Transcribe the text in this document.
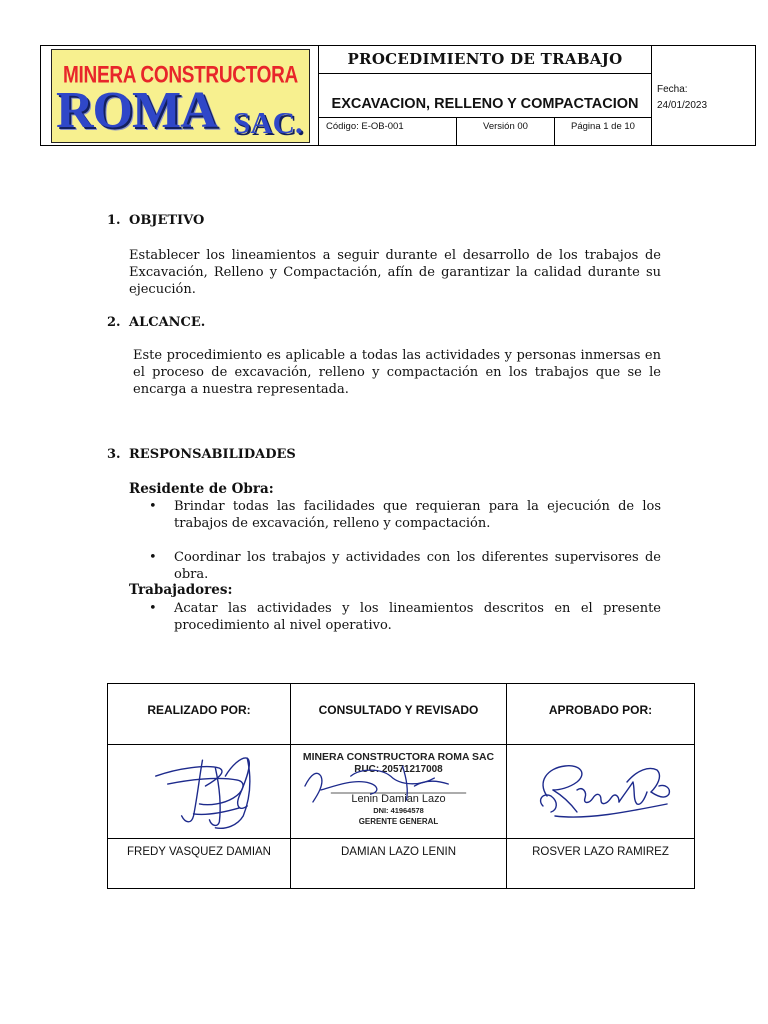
MINERA CONSTRUCTORA
ROMA SAC.
PROCEDIMIENTO DE TRABAJO
EXCAVACION, RELLENO Y COMPACTACION
Código: E-OB-001	Versión 00	Página 1 de 10
Fecha:
24/01/2023
1. OBJETIVO
Establecer los lineamientos a seguir durante el desarrollo de los trabajos de Excavación, Relleno y Compactación, afín de garantizar la calidad durante su ejecución.
2. ALCANCE.
Este procedimiento es aplicable a todas las actividades y personas inmersas en el proceso de excavación, relleno y compactación en los trabajos que se le encarga a nuestra representada.
3. RESPONSABILIDADES
Residente de Obra:
• Brindar todas las facilidades que requieran para la ejecución de los trabajos de excavación, relleno y compactación.
• Coordinar los trabajos y actividades con los diferentes supervisores de obra.
Trabajadores:
• Acatar las actividades y los lineamientos descritos en el presente procedimiento al nivel operativo.
REALIZADO POR:
FREDY VASQUEZ DAMIAN
CONSULTADO Y REVISADO
MINERA CONSTRUCTORA ROMA SAC
RUC: 20571217008
Lenin Damian Lazo
DNI: 41964578
GERENTE GENERAL
DAMIAN LAZO LENIN
APROBADO POR:
ROSVER LAZO RAMIREZ
